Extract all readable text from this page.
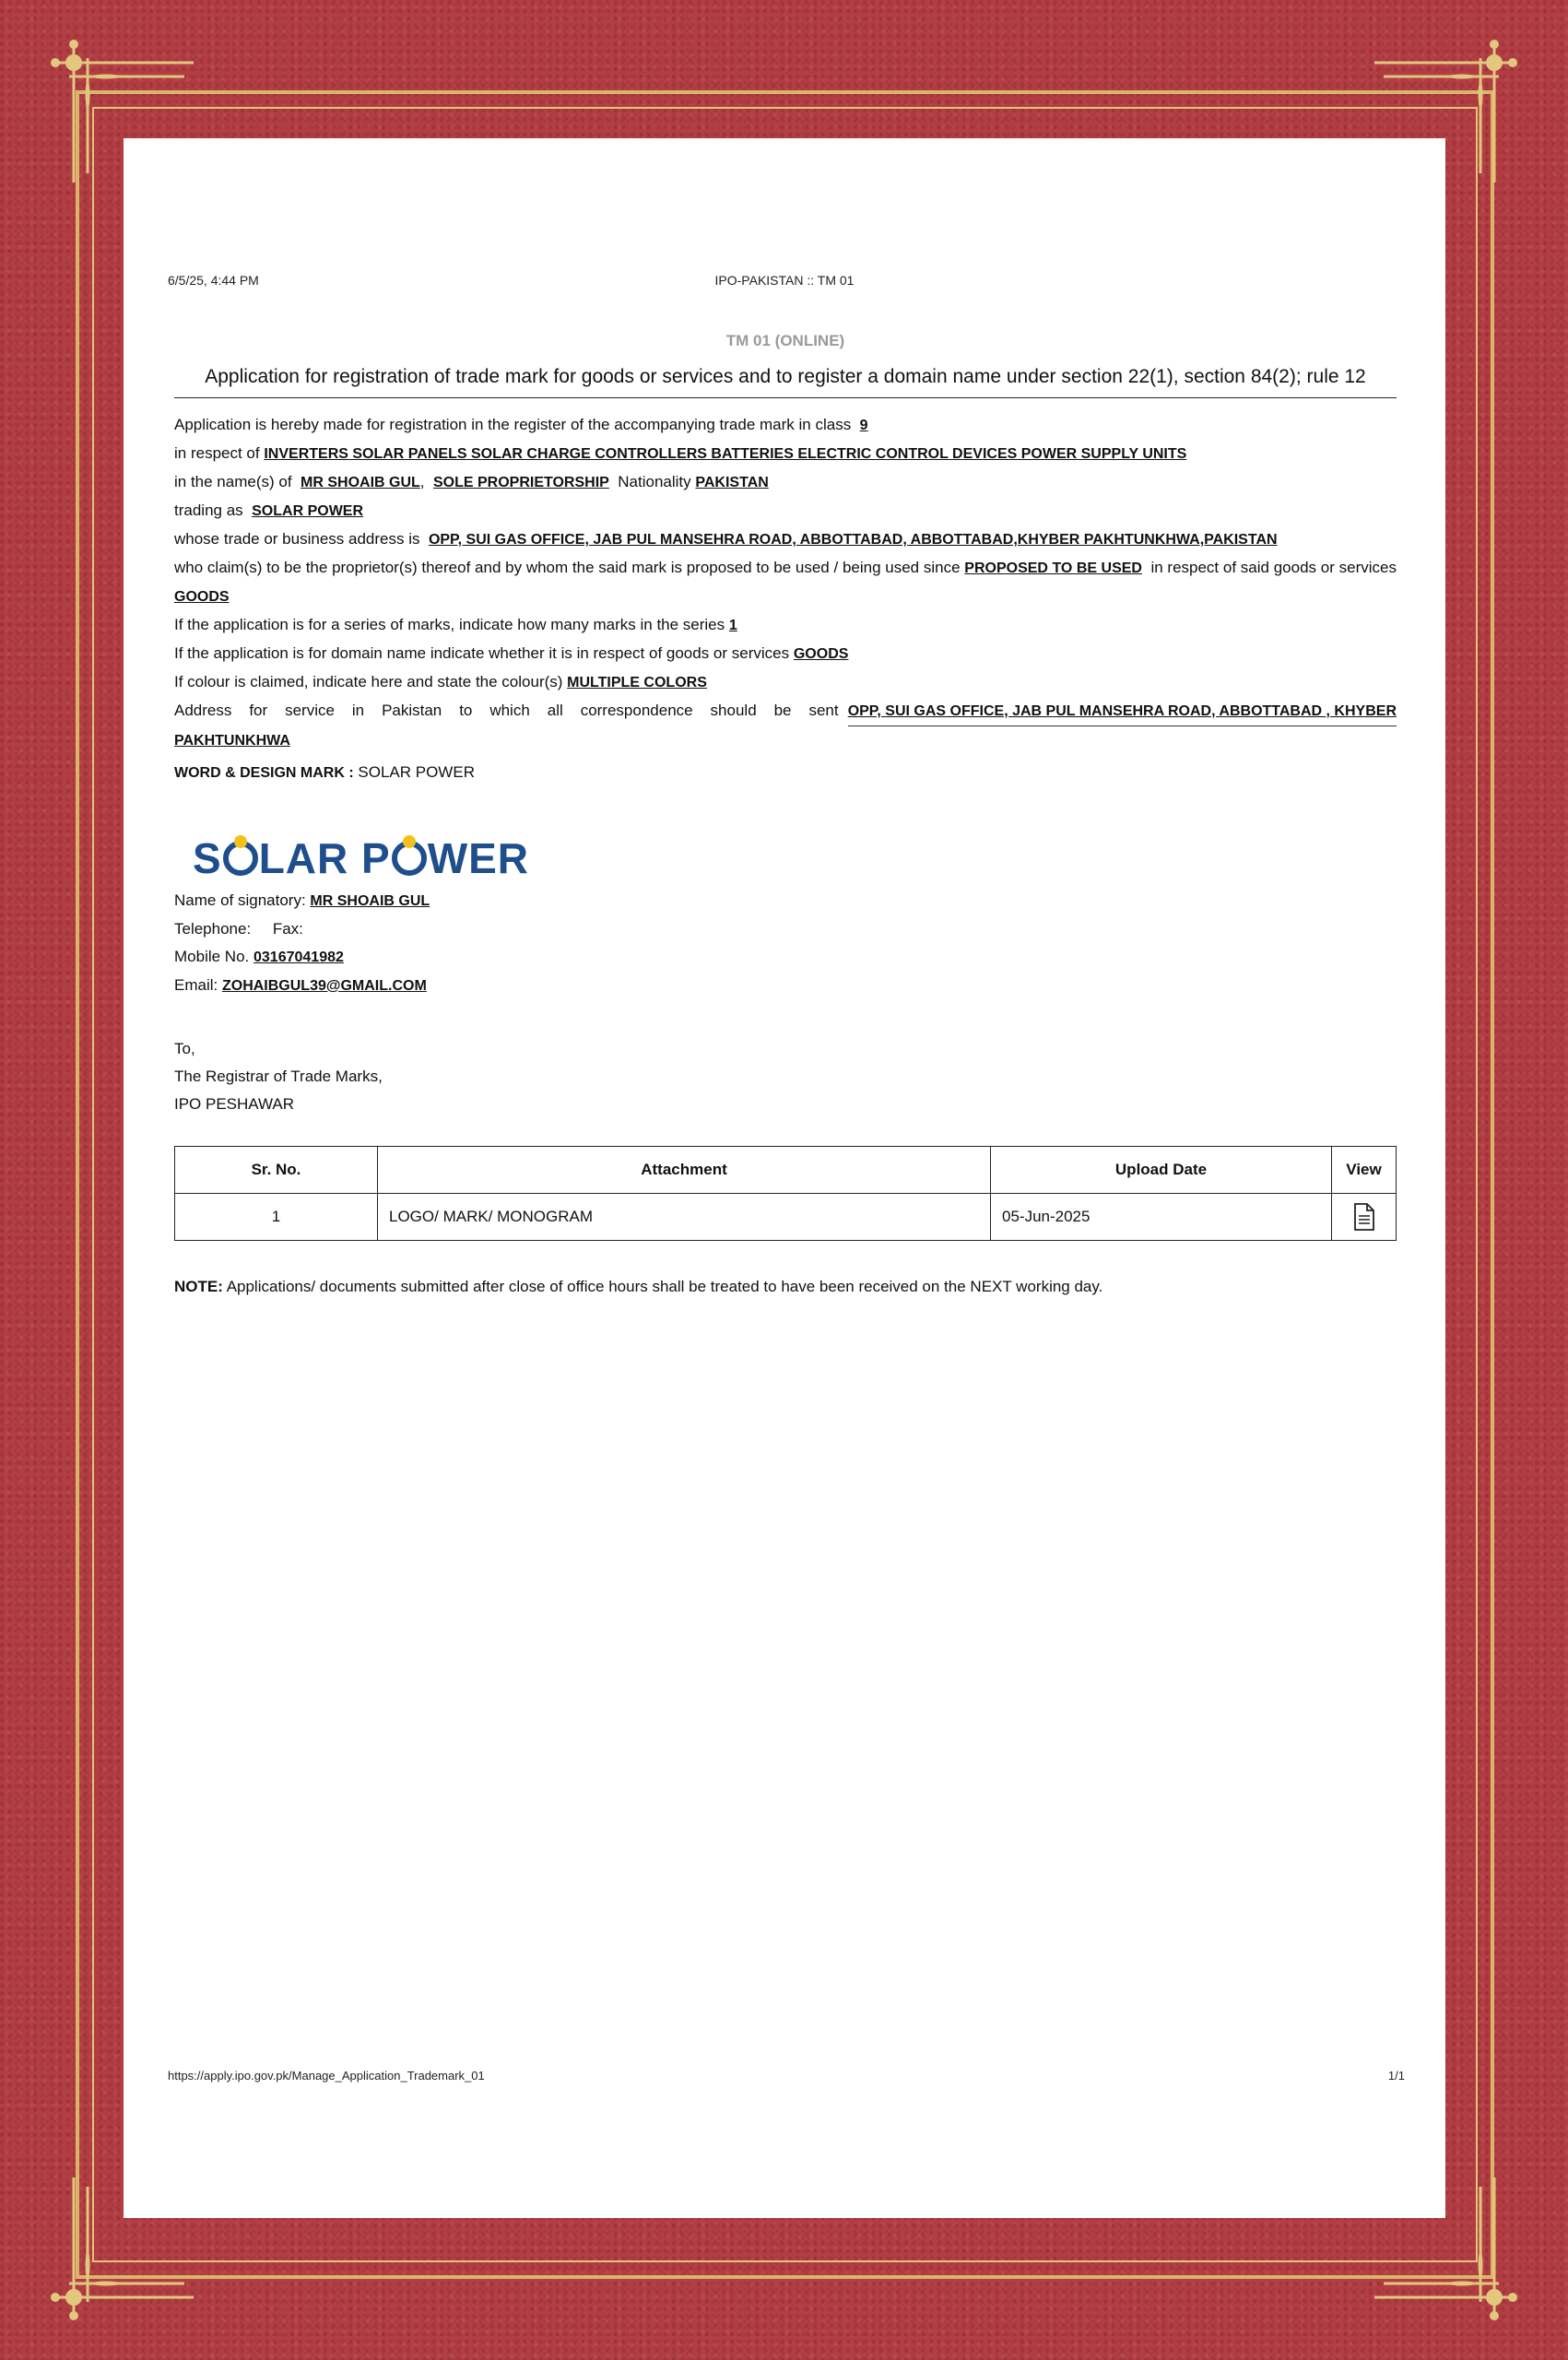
6/5/25, 4:44 PM	IPO-PAKISTAN :: TM 01
TM 01 (ONLINE)
Application for registration of trade mark for goods or services and to register a domain name under section 22(1), section 84(2); rule 12

Application is hereby made for registration in the register of the accompanying trade mark in class 9

in respect of INVERTERS SOLAR PANELS SOLAR CHARGE CONTROLLERS BATTERIES ELECTRIC CONTROL DEVICES POWER SUPPLY UNITS

in the name(s) of MR SHOAIB GUL,  SOLE PROPRIETORSHIP Nationality PAKISTAN

trading as SOLAR POWER

whose trade or business address is OPP, SUI GAS OFFICE, JAB PUL MANSEHRA ROAD, ABBOTTABAD, ABBOTTABAD,KHYBER PAKHTUNKHWA,PAKISTAN

who claim(s) to be the proprietor(s) thereof and by whom the said mark is proposed to be used / being used since PROPOSED TO BE USED in respect of said goods or services GOODS

If the application is for a series of marks, indicate how many marks in the series 1

If the application is for domain name indicate whether it is in respect of goods or services GOODS

If colour is claimed, indicate here and state the colour(s) MULTIPLE COLORS

Address for service in Pakistan to which all correspondence should be sent OPP, SUI GAS OFFICE, JAB PUL MANSEHRA ROAD, ABBOTTABAD , KHYBER

PAKHTUNKHWA

WORD & DESIGN MARK : SOLAR POWER

S LAR P WER

Name of signatory: MR SHOAIB GUL

Telephone: Fax:

Mobile No. 03167041982

Email: ZOHAIBGUL39@GMAIL.COM

To,

The Registrar of Trade Marks,

IPO PESHAWAR

Sr. No.	Attachment	Upload Date	View
1	LOGO/ MARK/ MONOGRAM	05-Jun-2025	
NOTE: Applications/ documents submitted after close of office hours shall be treated to have been received on the NEXT working day.
https://apply.ipo.gov.pk/Manage_Application_Trademark_01	1/1
